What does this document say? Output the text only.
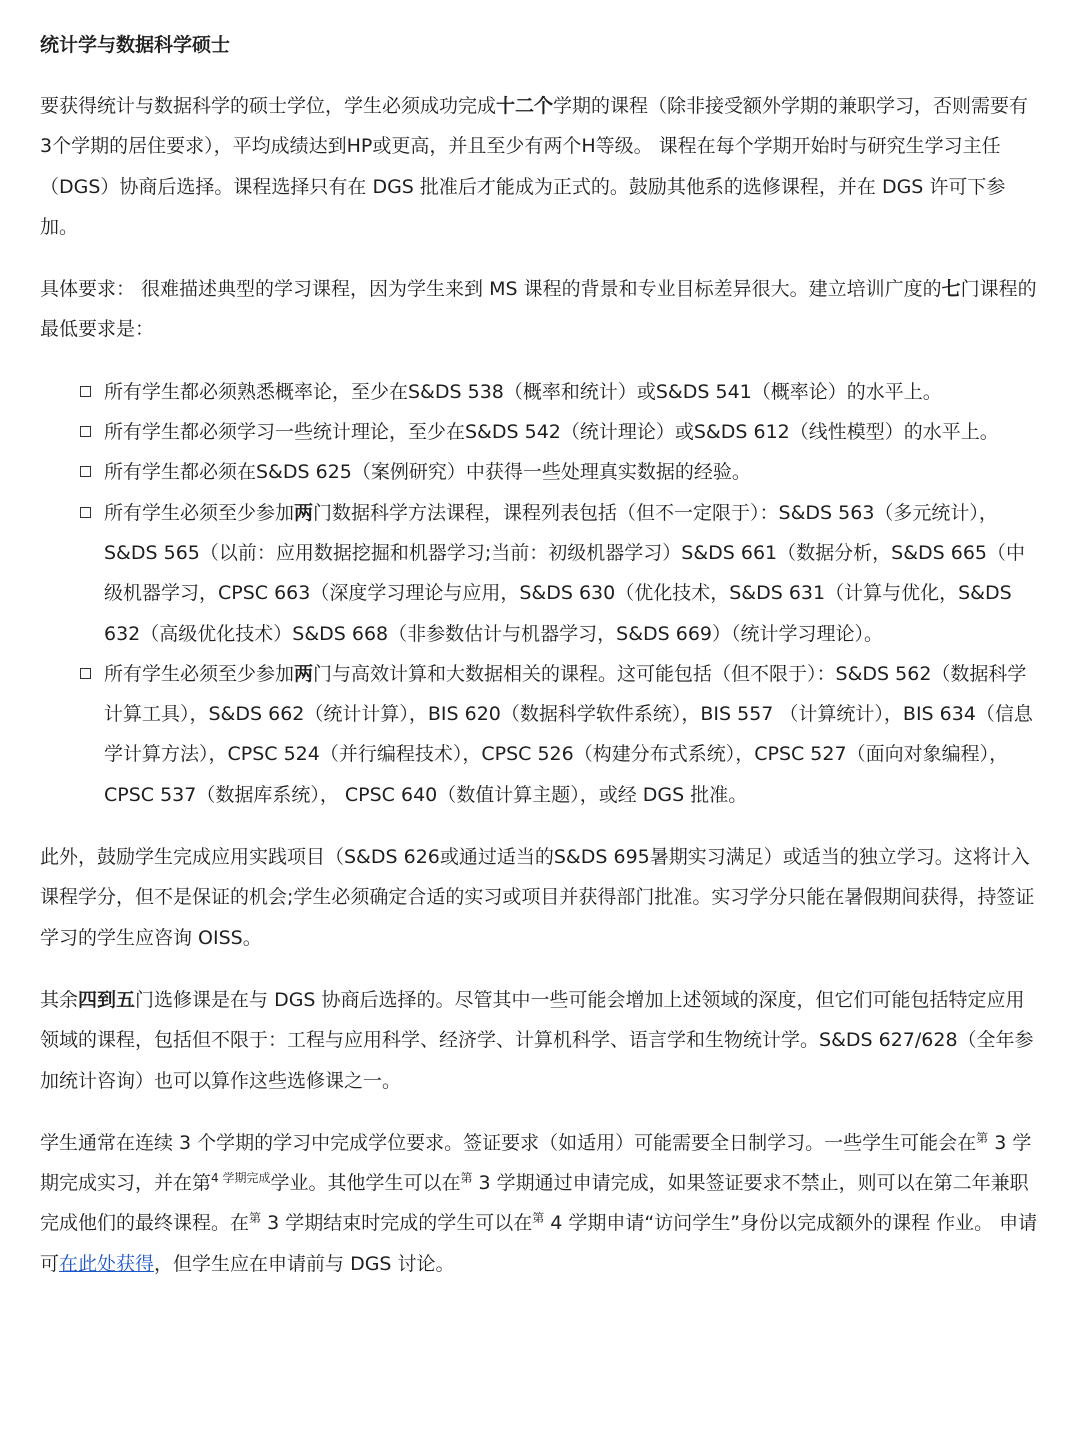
统计学与数据科学硕士

要获得统计与数据科学的硕士学位，学生必须成功完成十二个学期的课程（除非接受额外学期的兼职学习，否则需要有3个学期的居住要求），平均成绩达到HP或更高，并且至少有两个H等级。 课程在每个学期开始时与研究生学习主任（DGS）协商后选择。课程选择只有在 DGS 批准后才能成为正式的。鼓励其他系的选修课程，并在 DGS 许可下参加。

具体要求： 很难描述典型的学习课程，因为学生来到 MS 课程的背景和专业目标差异很大。建立培训广度的七门课程的最低要求是：

所有学生都必须熟悉概率论，至少在S&DS 538（概率和统计）或S&DS 541（概率论）的水平上。
所有学生都必须学习一些统计理论，至少在S&DS 542（统计理论）或S&DS 612（线性模型）的水平上。
所有学生都必须在S&DS 625（案例研究）中获得一些处理真实数据的经验。
所有学生必须至少参加两门数据科学方法课程，课程列表包括（但不一定限于）：S&DS 563（多元统计），S&DS 565（以前：应用数据挖掘和机器学习;当前：初级机器学习）S&DS 661（数据分析，S&DS 665（中级机器学习，CPSC 663（深度学习理论与应用，S&DS 630（优化技术，S&DS 631（计算与优化，S&DS 632（高级优化技术）S&DS 668（非参数估计与机器学习，S&DS 669）（统计学习理论）。
所有学生必须至少参加两门与高效计算和大数据相关的课程。这可能包括（但不限于）：S&DS 562（数据科学计算工具），S&DS 662（统计计算），BIS 620（数据科学软件系统），BIS 557 （计算统计），BIS 634（信息学计算方法），CPSC 524（并行编程技术），CPSC 526（构建分布式系统），CPSC 527（面向对象编程），CPSC 537（数据库系统）， CPSC 640（数值计算主题），或经 DGS 批准。

此外，鼓励学生完成应用实践项目（S&DS 626或通过适当的S&DS 695暑期实习满足）或适当的独立学习。这将计入课程学分，但不是保证的机会;学生必须确定合适的实习或项目并获得部门批准。实习学分只能在暑假期间获得，持签证学习的学生应咨询 OISS。

其余四到五门选修课是在与 DGS 协商后选择的。尽管其中一些可能会增加上述领域的深度，但它们可能包括特定应用领域的课程，包括但不限于：工程与应用科学、经济学、计算机科学、语言学和生物统计学。S&DS 627/628（全年参加统计咨询）也可以算作这些选修课之一。

学生通常在连续 3 个学期的学习中完成学位要求。签证要求（如适用）可能需要全日制学习。一些学生可能会在$^第$ 3 学期完成实习，并在第$^{4 学期完成}$学业。其他学生可以在$^第$ 3 学期通过申请完成，如果签证要求不禁止，则可以在第二年兼职完成他们的最终课程。在$^第$ 3 学期结束时完成的学生可以在$^第$ 4 学期申请“访问学生”身份以完成额外的课程 作业。 申请可在此处获得，但学生应在申请前与 DGS 讨论。
